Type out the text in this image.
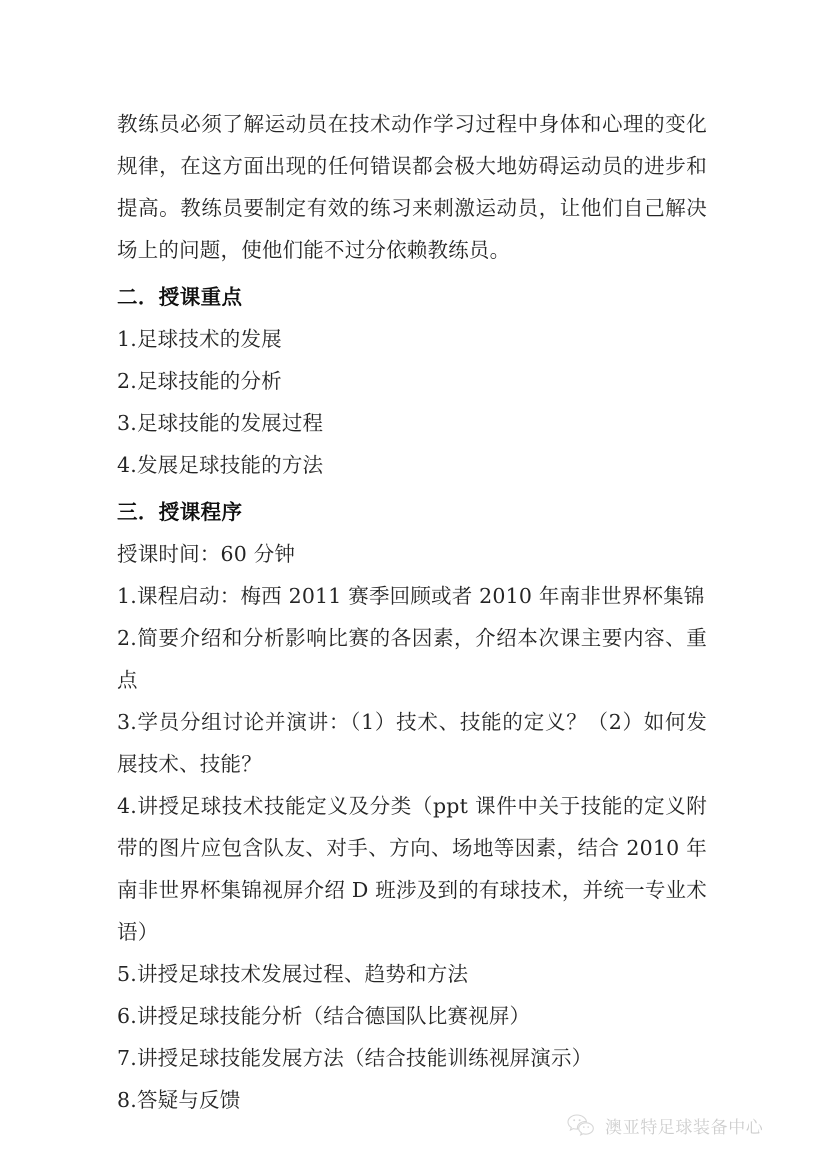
教练员必须了解运动员在技术动作学习过程中身体和心理的变化规律，在这方面出现的任何错误都会极大地妨碍运动员的进步和提高。教练员要制定有效的练习来刺激运动员，让他们自己解决场上的问题，使他们能不过分依赖教练员。

二．授课重点

1.足球技术的发展

2.足球技能的分析

3.足球技能的发展过程

4.发展足球技能的方法

三．授课程序

授课时间：60 分钟

1.课程启动：梅西 2011 赛季回顾或者 2010 年南非世界杯集锦

2.简要介绍和分析影响比赛的各因素，介绍本次课主要内容、重点

3.学员分组讨论并演讲：（1）技术、技能的定义？（2）如何发展技术、技能？

4.讲授足球技术技能定义及分类（ppt 课件中关于技能的定义附带的图片应包含队友、对手、方向、场地等因素，结合 2010 年南非世界杯集锦视屏介绍 D 班涉及到的有球技术，并统一专业术语）

5.讲授足球技术发展过程、趋势和方法

6.讲授足球技能分析（结合德国队比赛视屏）

7.讲授足球技能发展方法（结合技能训练视屏演示）

8.答疑与反馈

澳亚特足球装备中心
